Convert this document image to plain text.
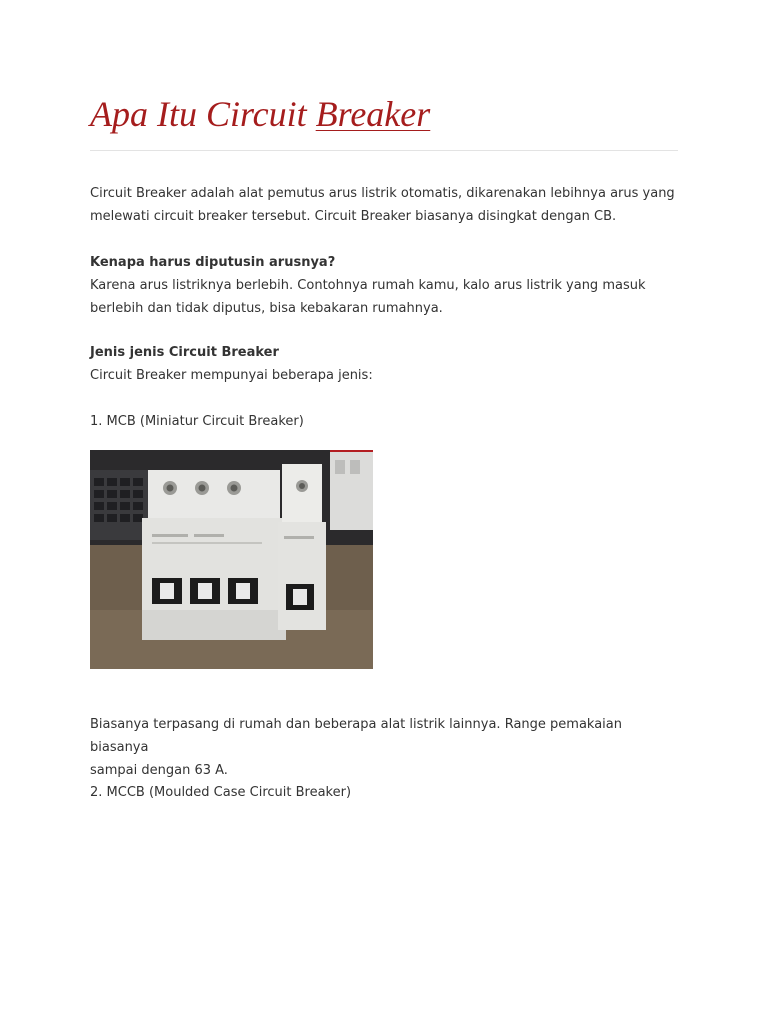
Apa Itu Circuit Breaker

Circuit Breaker adalah alat pemutus arus listrik otomatis, dikarenakan lebihnya arus yang
melewati circuit breaker tersebut. Circuit Breaker biasanya disingkat dengan CB.

Kenapa harus diputusin arusnya?
Karena arus listriknya berlebih. Contohnya rumah kamu, kalo arus listrik yang masuk
berlebih dan tidak diputus, bisa kebakaran rumahnya.

Jenis jenis Circuit Breaker
Circuit Breaker mempunyai beberapa jenis:

1. MCB (Miniatur Circuit Breaker)

Biasanya terpasang di rumah dan beberapa alat listrik lainnya. Range pemakaian biasanya
sampai dengan 63 A.

2. MCCB (Moulded Case Circuit Breaker)
